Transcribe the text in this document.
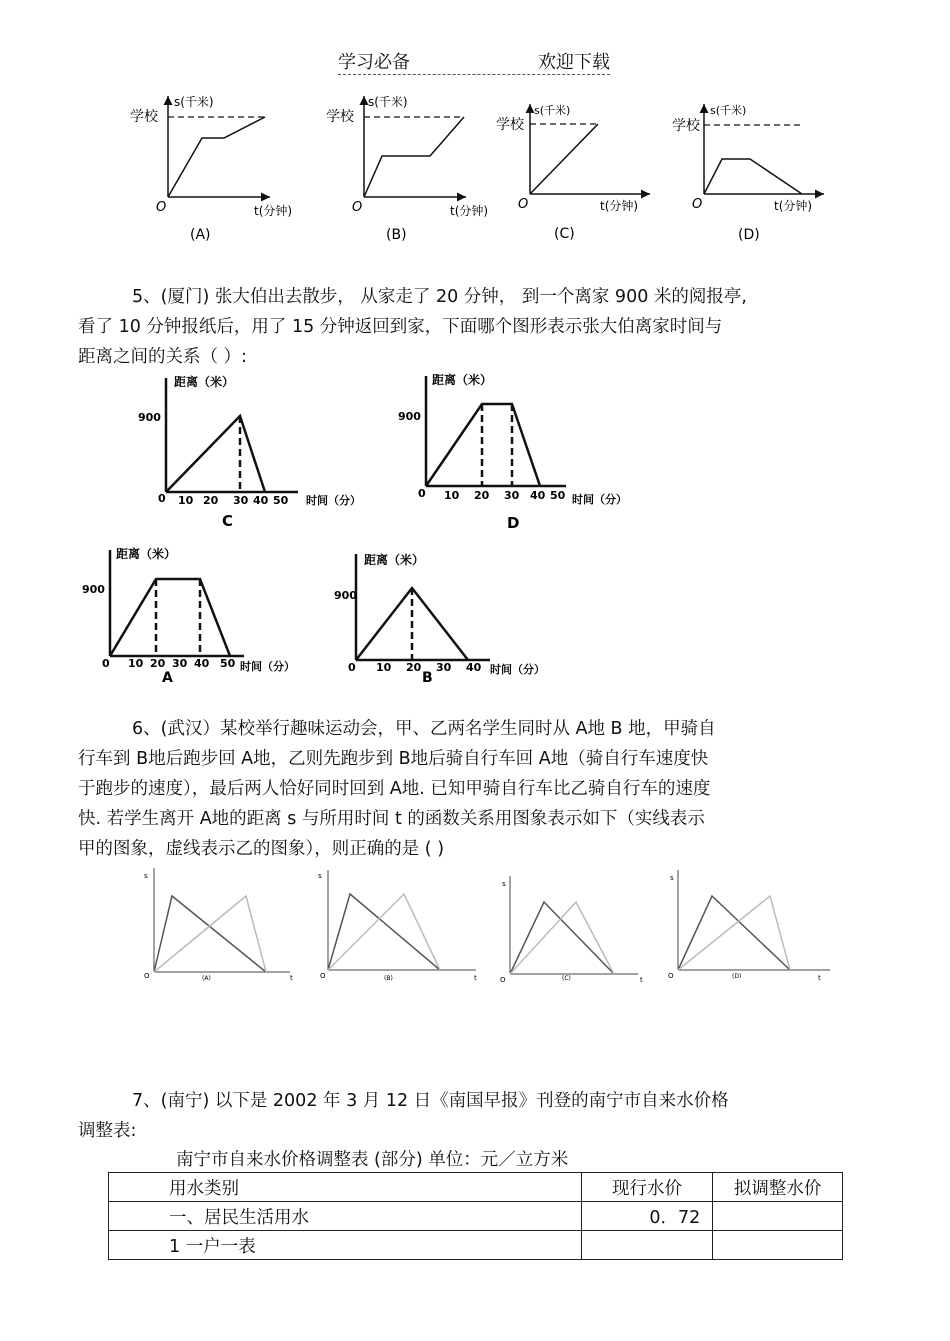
学习必备	欢迎下载
s(千米)
学校
O	t(分钟)
(A)
s(千米)
学校
O	t(分钟)
(B)
s(千米)
学校
O	t(分钟)
(C)
s(千米)
学校
O	t(分钟)
(D)

5、(厦门) 张大伯出去散步， 从家走了 20 分钟， 到一个离家 900 米的阅报亭,

看了 10 分钟报纸后，用了 15 分钟返回到家，下面哪个图形表示张大伯离家时间与

距离之间的关系（ ）:

距离（米）
900
0 10 20 30 40 50 时间（分）
C
距离（米）
900
0 10 20 30 40 50 时间（分）
D
距离（米）
900
0 10 20 30 40 50 时间（分）
A
距离（米）
900
0 10 20 30 40 时间（分）
B

6、(武汉）某校举行趣味运动会，甲、乙两名学生同时从 A地 B 地，甲骑自

行车到 B地后跑步回 A地，乙则先跑步到 B地后骑自行车回 A地（骑自行车速度快

于跑步的速度），最后两人恰好同时回到 A地. 已知甲骑自行车比乙骑自行车的速度

快. 若学生离开 A地的距离 s 与所用时间 t 的函数关系用图象表示如下（实线表示

甲的图象，虚线表示乙的图象），则正确的是 ( )

s
O	t
(A)
s
O	t
(B)
s
O	t
(C)
s
O	t
(D)

7、(南宁) 以下是 2002 年 3 月 12 日《南国早报》刊登的南宁市自来水价格

调整表:

南宁市自来水价格调整表 (部分) 单位：元／立方米
用水类别	现行水价	拟调整水价
一、居民生活用水	0．72	
1 一户一表		
